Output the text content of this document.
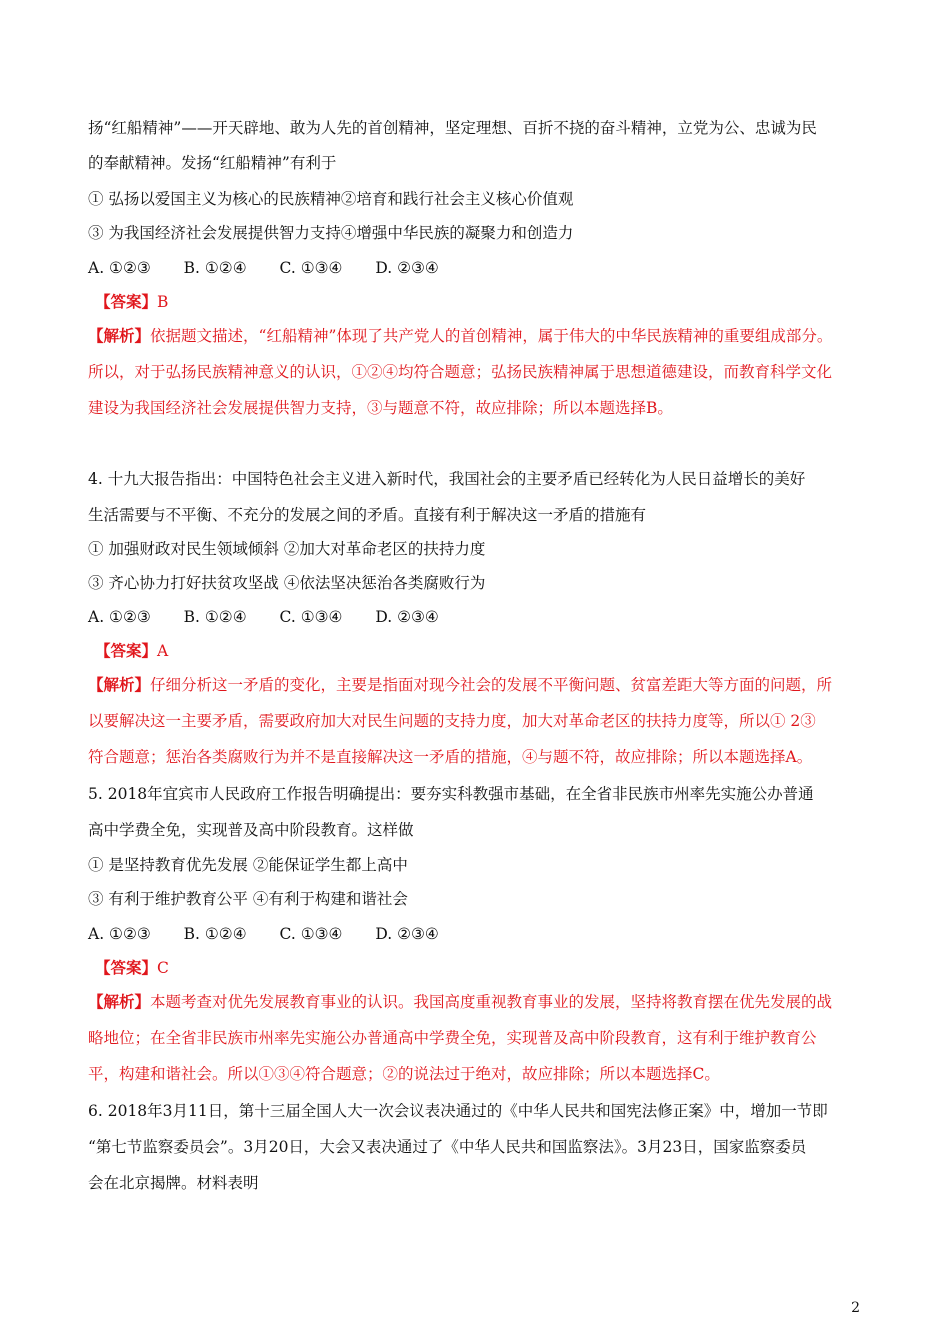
扬“红船精神”——开天辟地、敢为人先的首创精神，坚定理想、百折不挠的奋斗精神，立党为公、忠诚为民
的奉献精神。发扬“红船精神”有利于
① 弘扬以爱国主义为核心的民族精神②培育和践行社会主义核心价值观
③ 为我国经济社会发展提供智力支持④增强中华民族的凝聚力和创造力
A. ①②③ B. ①②④ C. ①③④ D. ②③④
【答案】B
【解析】依据题文描述，“红船精神”体现了共产党人的首创精神，属于伟大的中华民族精神的重要组成部分。
所以，对于弘扬民族精神意义的认识，①②④均符合题意；弘扬民族精神属于思想道德建设，而教育科学文化
建设为我国经济社会发展提供智力支持，③与题意不符，故应排除；所以本题选择B。
4. 十九大报告指出：中国特色社会主义进入新时代，我国社会的主要矛盾已经转化为人民日益增长的美好
生活需要与不平衡、不充分的发展之间的矛盾。直接有利于解决这一矛盾的措施有
① 加强财政对民生领域倾斜 ②加大对革命老区的扶持力度
③ 齐心协力打好扶贫攻坚战 ④依法坚决惩治各类腐败行为
A. ①②③ B. ①②④ C. ①③④ D. ②③④
【答案】A
【解析】仔细分析这一矛盾的变化，主要是指面对现今社会的发展不平衡问题、贫富差距大等方面的问题，所
以要解决这一主要矛盾，需要政府加大对民生问题的支持力度，加大对革命老区的扶持力度等，所以① 2③
符合题意；惩治各类腐败行为并不是直接解决这一矛盾的措施，④与题不符，故应排除；所以本题选择A。
5. 2018年宜宾市人民政府工作报告明确提出：要夯实科教强市基础，在全省非民族市州率先实施公办普通
高中学费全免，实现普及高中阶段教育。这样做
① 是坚持教育优先发展 ②能保证学生都上高中
③ 有利于维护教育公平 ④有利于构建和谐社会
A. ①②③ B. ①②④ C. ①③④ D. ②③④
【答案】C
【解析】本题考查对优先发展教育事业的认识。我国高度重视教育事业的发展，坚持将教育摆在优先发展的战
略地位；在全省非民族市州率先实施公办普通高中学费全免，实现普及高中阶段教育，这有利于维护教育公
平，构建和谐社会。所以①③④符合题意；②的说法过于绝对，故应排除；所以本题选择C。
6. 2018年3月11日，第十三届全国人大一次会议表决通过的《中华人民共和国宪法修正案》中，增加一节即
“第七节监察委员会”。3月20日，大会又表决通过了《中华人民共和国监察法》。3月23日，国家监察委员
会在北京揭牌。材料表明
2
